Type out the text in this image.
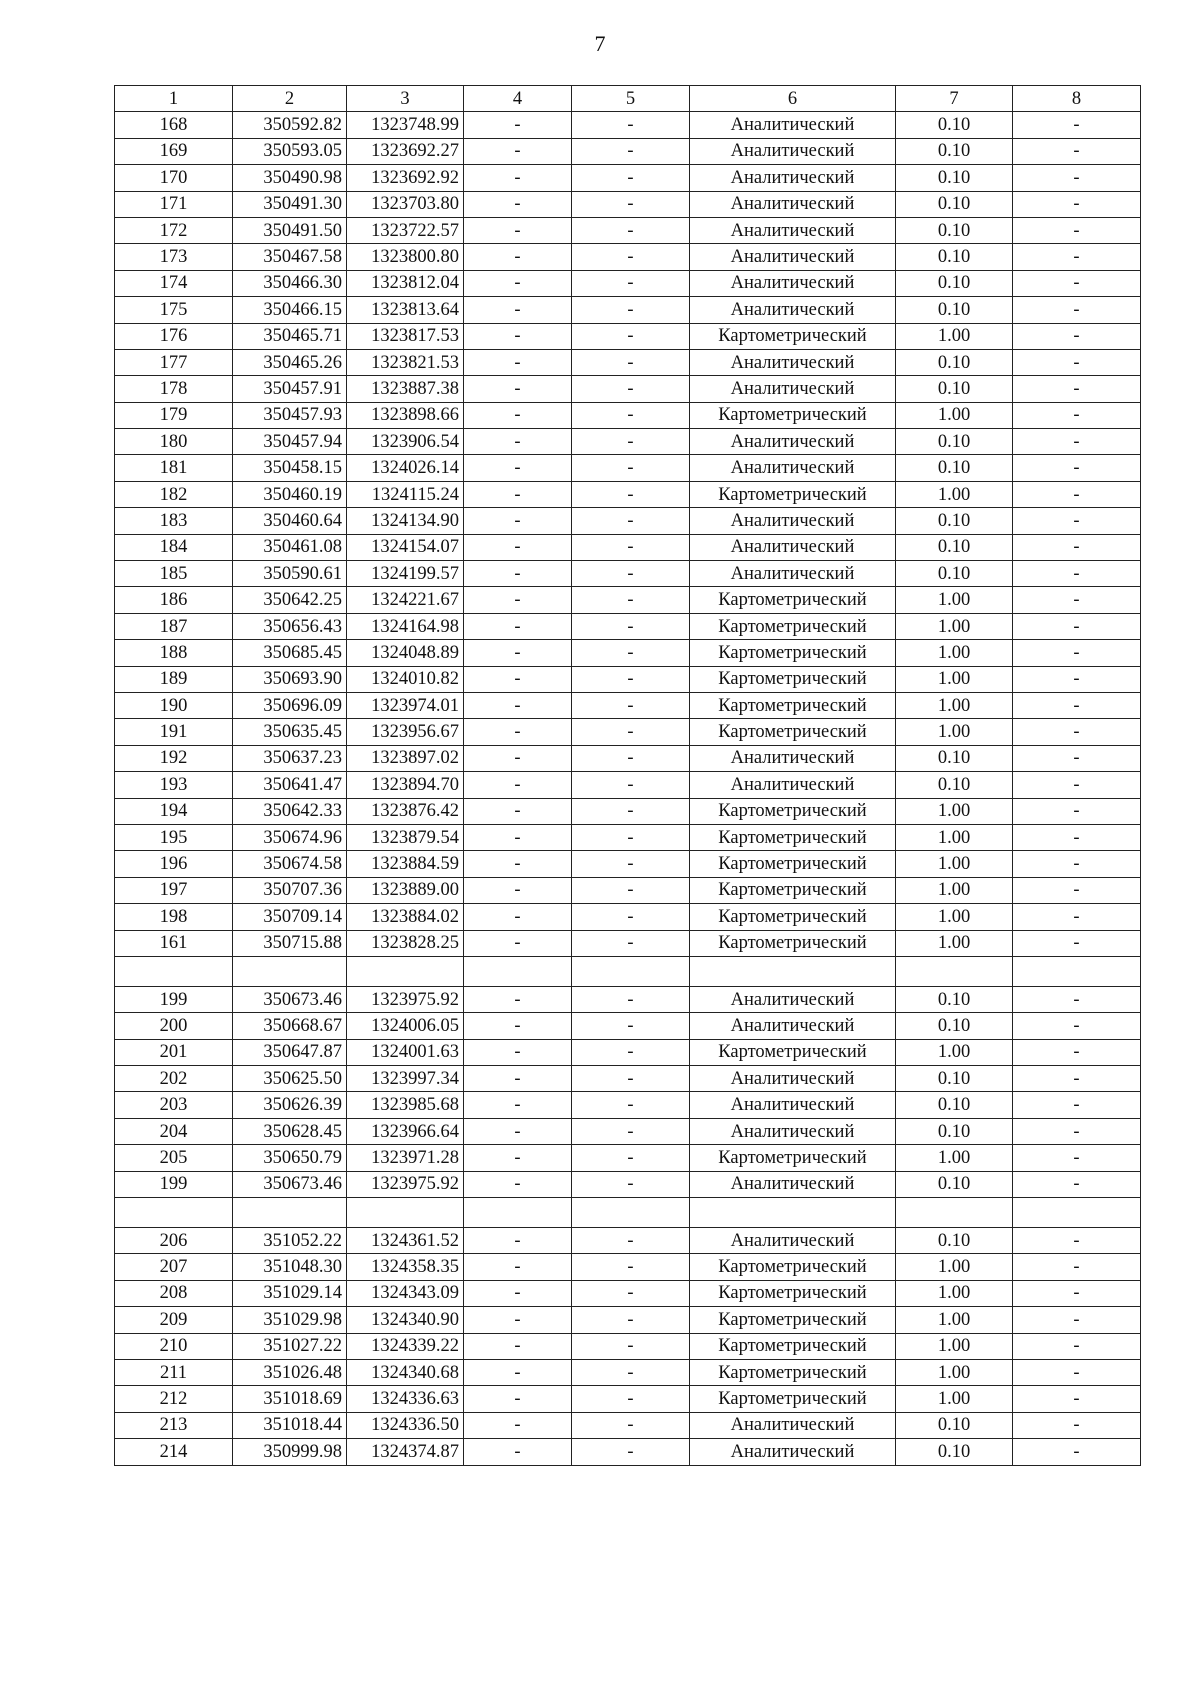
7
1	2	3	4	5	6	7	8
168	350592.82	1323748.99	-	-	Аналитический	0.10	-
169	350593.05	1323692.27	-	-	Аналитический	0.10	-
170	350490.98	1323692.92	-	-	Аналитический	0.10	-
171	350491.30	1323703.80	-	-	Аналитический	0.10	-
172	350491.50	1323722.57	-	-	Аналитический	0.10	-
173	350467.58	1323800.80	-	-	Аналитический	0.10	-
174	350466.30	1323812.04	-	-	Аналитический	0.10	-
175	350466.15	1323813.64	-	-	Аналитический	0.10	-
176	350465.71	1323817.53	-	-	Картометрический	1.00	-
177	350465.26	1323821.53	-	-	Аналитический	0.10	-
178	350457.91	1323887.38	-	-	Аналитический	0.10	-
179	350457.93	1323898.66	-	-	Картометрический	1.00	-
180	350457.94	1323906.54	-	-	Аналитический	0.10	-
181	350458.15	1324026.14	-	-	Аналитический	0.10	-
182	350460.19	1324115.24	-	-	Картометрический	1.00	-
183	350460.64	1324134.90	-	-	Аналитический	0.10	-
184	350461.08	1324154.07	-	-	Аналитический	0.10	-
185	350590.61	1324199.57	-	-	Аналитический	0.10	-
186	350642.25	1324221.67	-	-	Картометрический	1.00	-
187	350656.43	1324164.98	-	-	Картометрический	1.00	-
188	350685.45	1324048.89	-	-	Картометрический	1.00	-
189	350693.90	1324010.82	-	-	Картометрический	1.00	-
190	350696.09	1323974.01	-	-	Картометрический	1.00	-
191	350635.45	1323956.67	-	-	Картометрический	1.00	-
192	350637.23	1323897.02	-	-	Аналитический	0.10	-
193	350641.47	1323894.70	-	-	Аналитический	0.10	-
194	350642.33	1323876.42	-	-	Картометрический	1.00	-
195	350674.96	1323879.54	-	-	Картометрический	1.00	-
196	350674.58	1323884.59	-	-	Картометрический	1.00	-
197	350707.36	1323889.00	-	-	Картометрический	1.00	-
198	350709.14	1323884.02	-	-	Картометрический	1.00	-
161	350715.88	1323828.25	-	-	Картометрический	1.00	-

199	350673.46	1323975.92	-	-	Аналитический	0.10	-
200	350668.67	1324006.05	-	-	Аналитический	0.10	-
201	350647.87	1324001.63	-	-	Картометрический	1.00	-
202	350625.50	1323997.34	-	-	Аналитический	0.10	-
203	350626.39	1323985.68	-	-	Аналитический	0.10	-
204	350628.45	1323966.64	-	-	Аналитический	0.10	-
205	350650.79	1323971.28	-	-	Картометрический	1.00	-
199	350673.46	1323975.92	-	-	Аналитический	0.10	-

206	351052.22	1324361.52	-	-	Аналитический	0.10	-
207	351048.30	1324358.35	-	-	Картометрический	1.00	-
208	351029.14	1324343.09	-	-	Картометрический	1.00	-
209	351029.98	1324340.90	-	-	Картометрический	1.00	-
210	351027.22	1324339.22	-	-	Картометрический	1.00	-
211	351026.48	1324340.68	-	-	Картометрический	1.00	-
212	351018.69	1324336.63	-	-	Картометрический	1.00	-
213	351018.44	1324336.50	-	-	Аналитический	0.10	-
214	350999.98	1324374.87	-	-	Аналитический	0.10	-
